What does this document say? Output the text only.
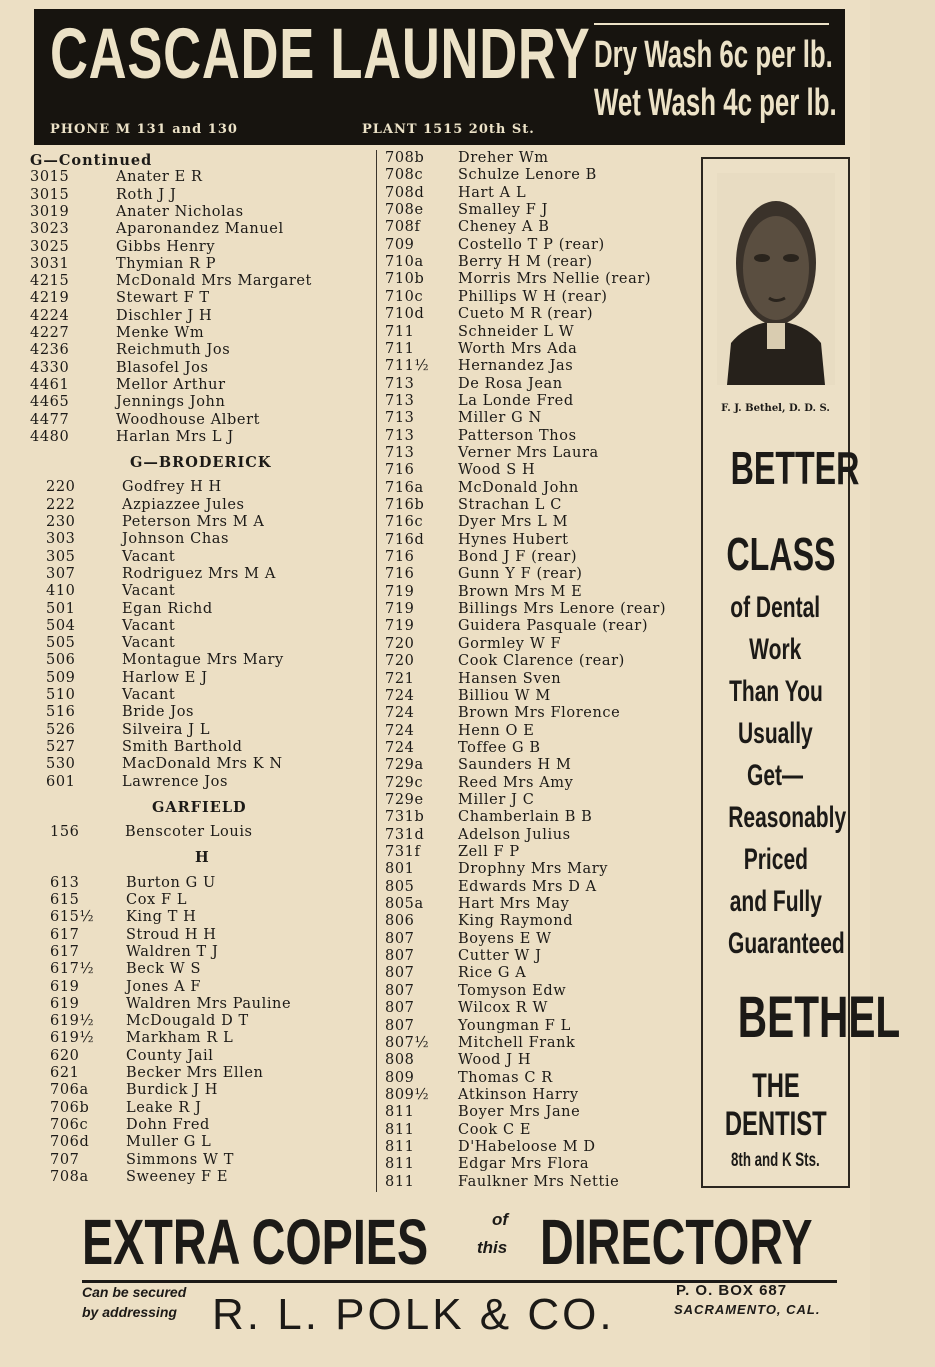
CASCADE LAUNDRY Dry Wash 6c per lb.
Wet Wash 4c per lb.
PHONE M 131 and 130	PLANT 1515 20th St.
G—Continued
3015	Anater E R
3015	Roth J J
3019	Anater Nicholas
3023	Aparonandez Manuel
3025	Gibbs Henry
3031	Thymian R P
4215	McDonald Mrs Margaret
4219	Stewart F T
4224	Dischler J H
4227	Menke Wm
4236	Reichmuth Jos
4330	Blasofel Jos
4461	Mellor Arthur
4465	Jennings John
4477	Woodhouse Albert
4480	Harlan Mrs L J
G—BRODERICK
220	Godfrey H H
222	Azpiazzee Jules
230	Peterson Mrs M A
303	Johnson Chas
305	Vacant
307	Rodriguez Mrs M A
410	Vacant
501	Egan Richd
504	Vacant
505	Vacant
506	Montague Mrs Mary
509	Harlow E J
510	Vacant
516	Bride Jos
526	Silveira J L
527	Smith Barthold
530	MacDonald Mrs K N
601	Lawrence Jos
GARFIELD
156	Benscoter Louis
H
613	Burton G U
615	Cox F L
615½ King T H
617	Stroud H H
617	Waldren T J
617½ Beck W S
619	Jones A F
619	Waldren Mrs Pauline
619½ McDougald D T
619½ Markham R L
620	County Jail
621	Becker Mrs Ellen
706a	Burdick J H
706b	Leake R J
706c	Dohn Fred
706d	Muller G L
707	Simmons W T
708a	Sweeney F E
708b Dreher Wm
708c Schulze Lenore B
708d Hart A L
708e Smalley F J
708f	Cheney A B
709	Costello T P (rear)
710a Berry H M (rear)
710b Morris Mrs Nellie (rear)
710c Phillips W H (rear)
710d Cueto M R (rear)
711	Schneider L W
711	Worth Mrs Ada
711½ Hernandez Jas
713	De Rosa Jean
713	La Londe Fred
713	Miller G N
713	Patterson Thos
713	Verner Mrs Laura
716	Wood S H
716a McDonald John
716b Strachan L C
716c Dyer Mrs L M
716d Hynes Hubert
716	Bond J F (rear)
716	Gunn Y F (rear)
719	Brown Mrs M E
719	Billings Mrs Lenore (rear)
719	Guidera Pasquale (rear)
720	Gormley W F
720	Cook Clarence (rear)
721	Hansen Sven
724	Billiou W M
724	Brown Mrs Florence
724	Henn O E
724	Toffee G B
729a Saunders H M
729c Reed Mrs Amy
729e Miller J C
731b Chamberlain B B
731d Adelson Julius
731f	Zell F P
801	Drophny Mrs Mary
805	Edwards Mrs D A
805a Hart Mrs May
806	King Raymond
807	Boyens E W
807	Cutter W J
807	Rice G A
807	Tomyson Edw
807	Wilcox R W
807	Youngman F L
807½ Mitchell Frank
808	Wood J H
809	Thomas C R
809½ Atkinson Harry
811	Boyer Mrs Jane
811	Cook C E
811	D'Habeloose M D
811	Edgar Mrs Flora
811	Faulkner Mrs Nettie
F. J. Bethel, D. D. S.
BETTER
CLASS
of Dental
Work
Than You
Usually
Get—
Reasonably
Priced
and Fully
Guaranteed
BETHEL
THE
DENTIST
8th and K Sts.
EXTRA COPIES	of
this DIRECTORY
Can be secured
by addressing R. L. POLK & CO.	P. O. BOX 687
SACRAMENTO, CAL.
